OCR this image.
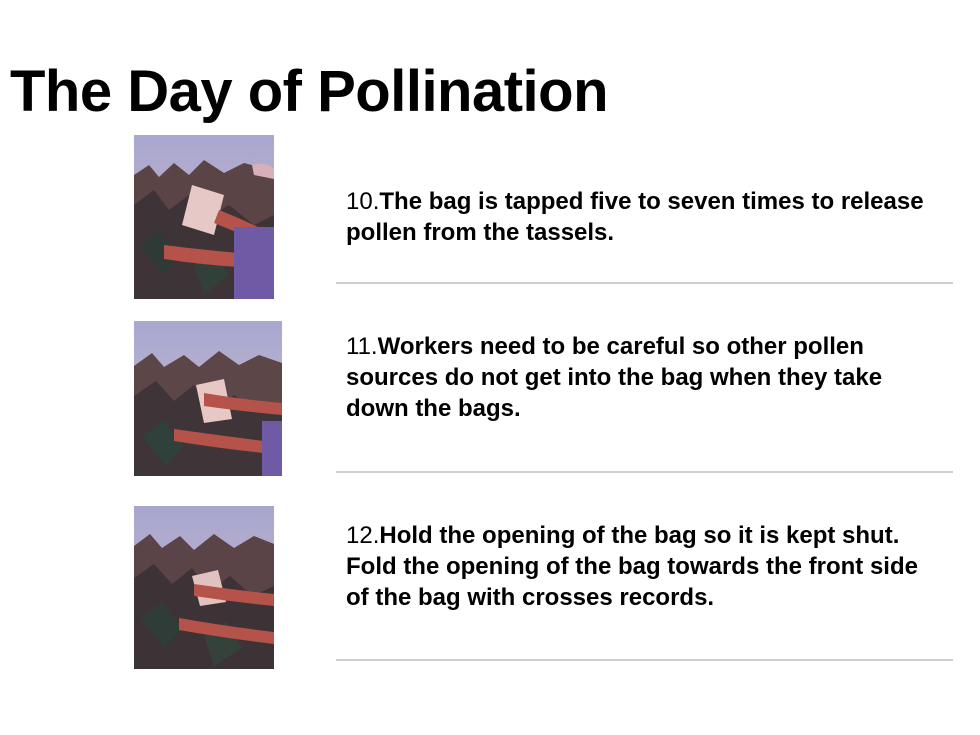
The Day of Pollination
10.The bag is tapped five to seven times to release pollen from the tassels.
11.Workers need to be careful so other pollen sources do not get into the bag when they take down the bags.
12.Hold the opening of the bag so it is kept shut. Fold the opening of the bag towards the front side of the bag with crosses records.
